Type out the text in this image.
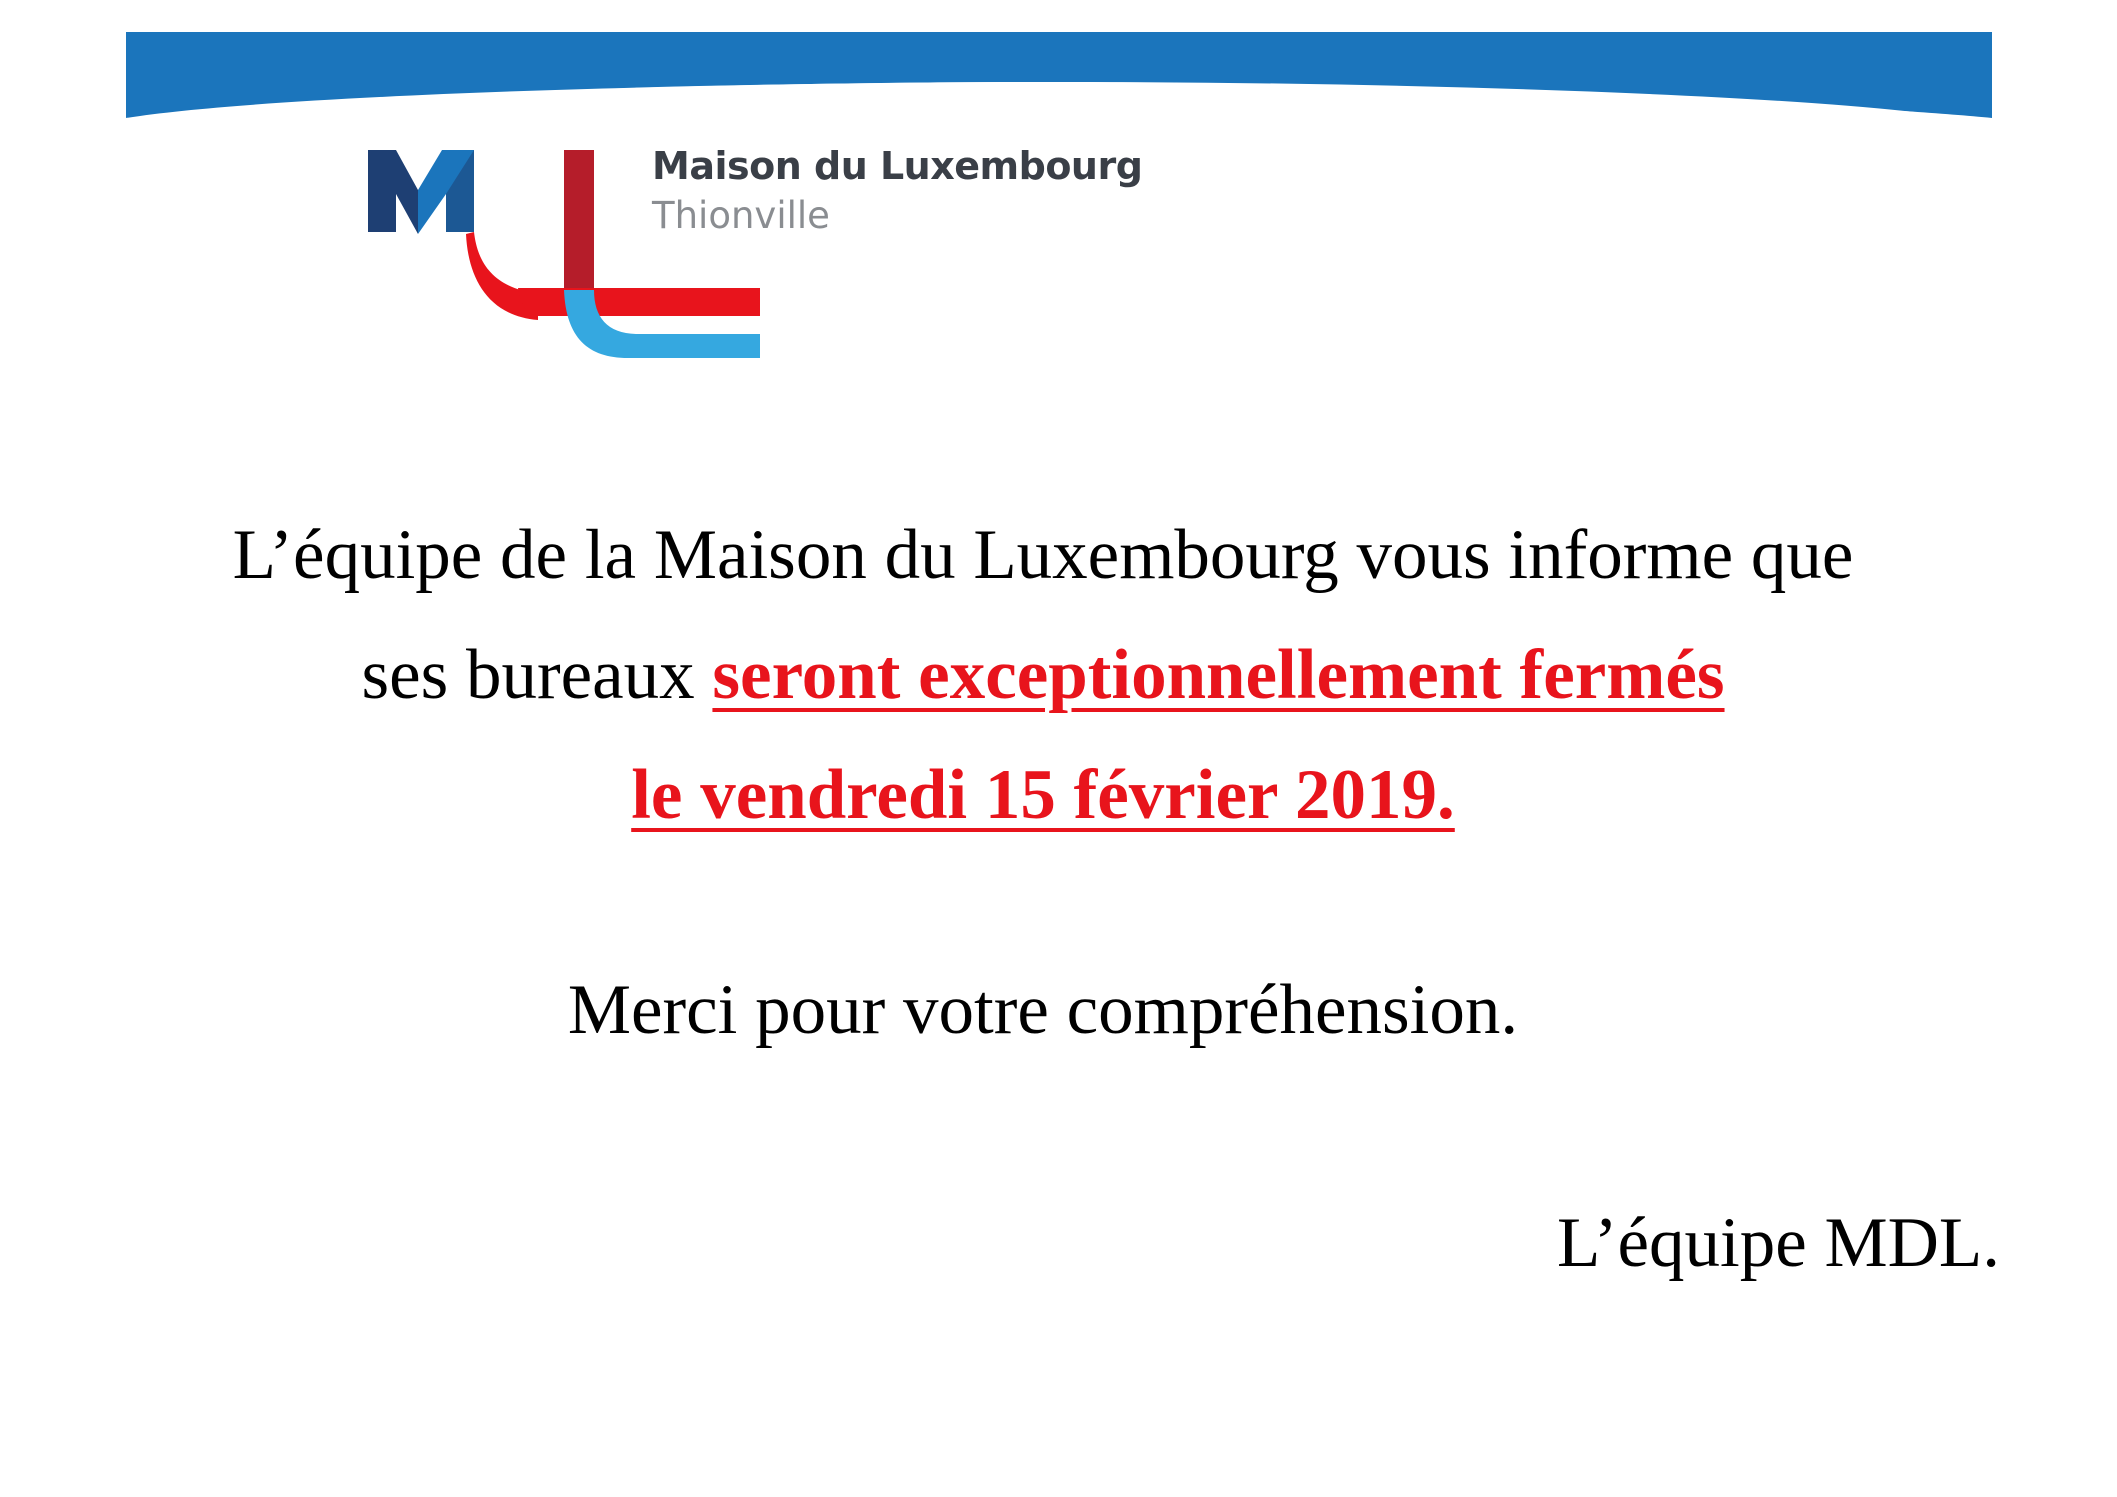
Maison du Luxembourg
Thionville
L’équipe de la Maison du Luxembourg vous informe que
ses bureaux seront exceptionnellement fermés
le vendredi 15 février 2019.
Merci pour votre compréhension.
L’équipe MDL.
